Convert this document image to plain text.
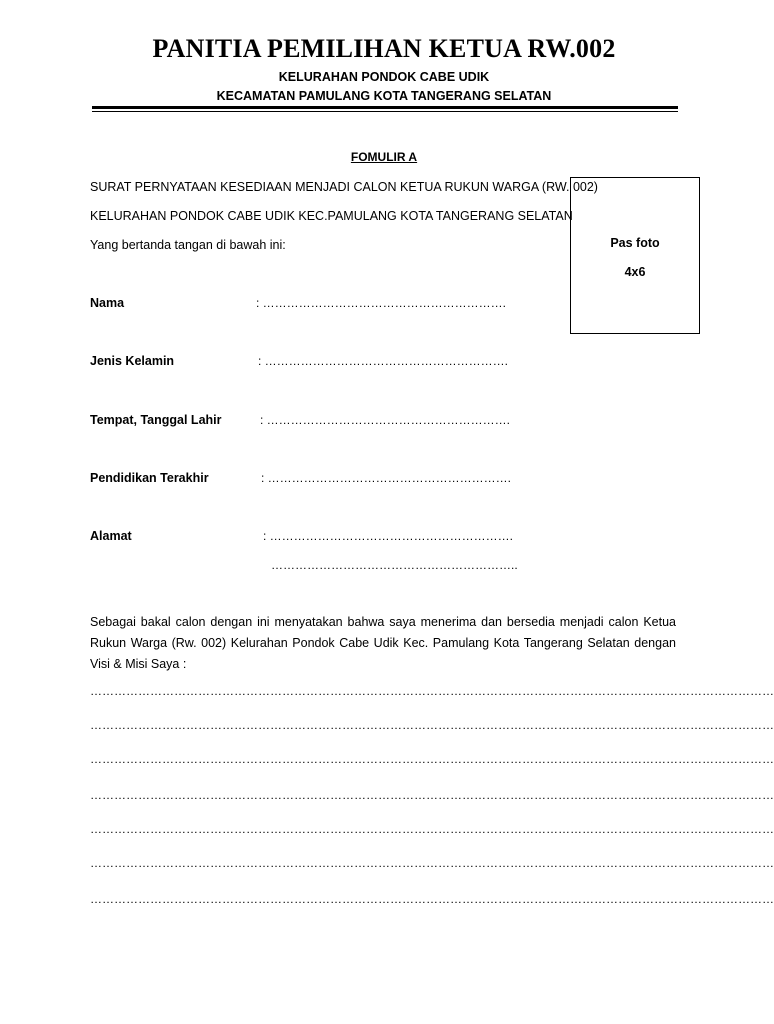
PANITIA PEMILIHAN KETUA RW.002
KELURAHAN PONDOK CABE UDIK
KECAMATAN PAMULANG KOTA TANGERANG SELATAN
FOMULIR A
SURAT PERNYATAAN KESEDIAAN MENJADI CALON KETUA RUKUN WARGA (RW. 002)
KELURAHAN PONDOK CABE UDIK KEC.PAMULANG KOTA TANGERANG SELATAN
Yang bertanda tangan di bawah ini:	Pas foto
4x6
Nama	: …………………………………………………….
Jenis Kelamin	: …………………………………………………….
Tempat, Tanggal Lahir	: …………………………………………………….
Pendidikan Terakhir	: …………………………………………………….
Alamat	: …………………………………………………….
……………………………………………………..
Sebagai bakal calon dengan ini menyatakan bahwa saya menerima dan bersedia menjadi calon Ketua Rukun Warga (Rw. 002) Kelurahan Pondok Cabe Udik Kec. Pamulang Kota Tangerang Selatan dengan Visi & Misi Saya :
………………………………………………………………………………………………………………………………………………………
………………………………………………………………………………………………………………………………………………………
………………………………………………………………………………………………………………………………………………………
………………………………………………………………………………………………………………………………………………………
………………………………………………………………………………………………………………………………………………………
………………………………………………………………………………………………………………………………………………………
………………………………………………………………………………………………………………………………………………………
